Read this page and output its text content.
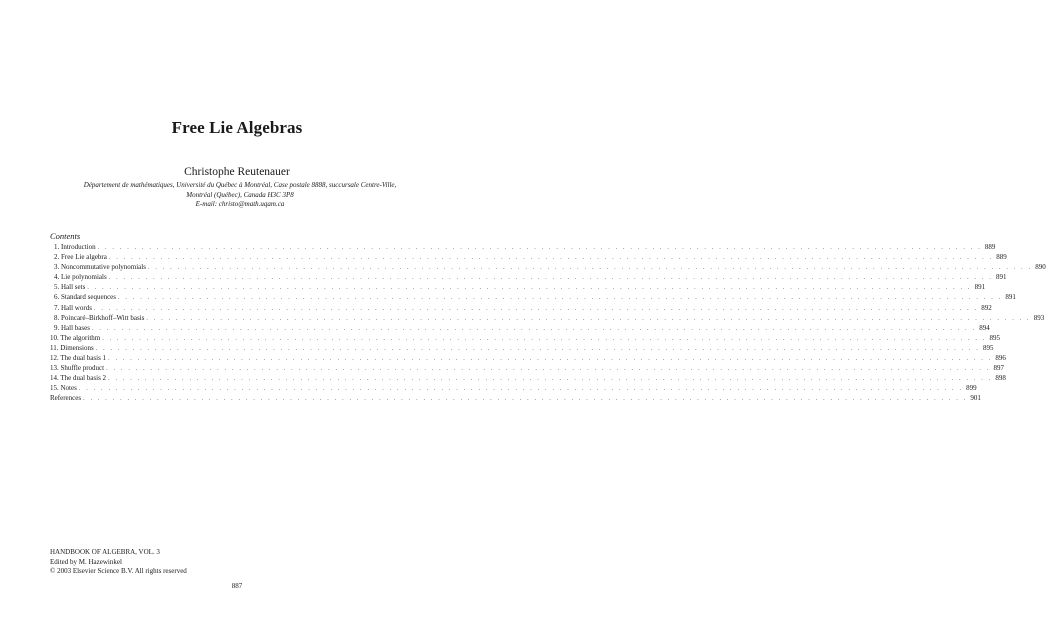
Free Lie Algebras
Christophe Reutenauer
Département de mathématiques, Université du Québec à Montréal, Case postale 8888, succursale Centre-Ville,
Montréal (Québec), Canada H3C 3P8
E-mail: christo@math.uqam.ca
Contents
1. Introduction . . . . . . . . . . . . . . . . . . . . . . . . . . . . . . . . . . . . . . . . . . . . . . . . . . . . . . . . . . . . . . . . . . . . . . . . . . . . . . . . . . . . . . . . . . . . . . . . . . . . . . . . . . . . . . . . . . . . . . . . 889
2. Free Lie algebra . . . . . . . . . . . . . . . . . . . . . . . . . . . . . . . . . . . . . . . . . . . . . . . . . . . . . . . . . . . . . . . . . . . . . . . . . . . . . . . . . . . . . . . . . . . . . . . . . . . . . . . . . . . . . . . . . . . . . . . . 889
3. Noncommutative polynomials . . . . . . . . . . . . . . . . . . . . . . . . . . . . . . . . . . . . . . . . . . . . . . . . . . . . . . . . . . . . . . . . . . . . . . . . . . . . . . . . . . . . . . . . . . . . . . . . . . . . . . . . . . . . . . . . . . . . . . . . 890
4. Lie polynomials . . . . . . . . . . . . . . . . . . . . . . . . . . . . . . . . . . . . . . . . . . . . . . . . . . . . . . . . . . . . . . . . . . . . . . . . . . . . . . . . . . . . . . . . . . . . . . . . . . . . . . . . . . . . . . . . . . . . . . . . 891
5. Hall sets . . . . . . . . . . . . . . . . . . . . . . . . . . . . . . . . . . . . . . . . . . . . . . . . . . . . . . . . . . . . . . . . . . . . . . . . . . . . . . . . . . . . . . . . . . . . . . . . . . . . . . . . . . . . . . . . . . . . . . . . 891
6. Standard sequences . . . . . . . . . . . . . . . . . . . . . . . . . . . . . . . . . . . . . . . . . . . . . . . . . . . . . . . . . . . . . . . . . . . . . . . . . . . . . . . . . . . . . . . . . . . . . . . . . . . . . . . . . . . . . . . . . . . . . . . . 891
7. Hall words . . . . . . . . . . . . . . . . . . . . . . . . . . . . . . . . . . . . . . . . . . . . . . . . . . . . . . . . . . . . . . . . . . . . . . . . . . . . . . . . . . . . . . . . . . . . . . . . . . . . . . . . . . . . . . . . . . . . . . . . 892
8. Poincaré–Birkhoff–Witt basis . . . . . . . . . . . . . . . . . . . . . . . . . . . . . . . . . . . . . . . . . . . . . . . . . . . . . . . . . . . . . . . . . . . . . . . . . . . . . . . . . . . . . . . . . . . . . . . . . . . . . . . . . . . . . . . . . . . . . . . . 893
9. Hall bases . . . . . . . . . . . . . . . . . . . . . . . . . . . . . . . . . . . . . . . . . . . . . . . . . . . . . . . . . . . . . . . . . . . . . . . . . . . . . . . . . . . . . . . . . . . . . . . . . . . . . . . . . . . . . . . . . . . . . . . . 894
10. The algorithm . . . . . . . . . . . . . . . . . . . . . . . . . . . . . . . . . . . . . . . . . . . . . . . . . . . . . . . . . . . . . . . . . . . . . . . . . . . . . . . . . . . . . . . . . . . . . . . . . . . . . . . . . . . . . . . . . . . . . . . . 895
11. Dimensions . . . . . . . . . . . . . . . . . . . . . . . . . . . . . . . . . . . . . . . . . . . . . . . . . . . . . . . . . . . . . . . . . . . . . . . . . . . . . . . . . . . . . . . . . . . . . . . . . . . . . . . . . . . . . . . . . . . . . . . . 895
12. The dual basis 1 . . . . . . . . . . . . . . . . . . . . . . . . . . . . . . . . . . . . . . . . . . . . . . . . . . . . . . . . . . . . . . . . . . . . . . . . . . . . . . . . . . . . . . . . . . . . . . . . . . . . . . . . . . . . . . . . . . . . . . . . 896
13. Shuffle product . . . . . . . . . . . . . . . . . . . . . . . . . . . . . . . . . . . . . . . . . . . . . . . . . . . . . . . . . . . . . . . . . . . . . . . . . . . . . . . . . . . . . . . . . . . . . . . . . . . . . . . . . . . . . . . . . . . . . . . . 897
14. The dual basis 2 . . . . . . . . . . . . . . . . . . . . . . . . . . . . . . . . . . . . . . . . . . . . . . . . . . . . . . . . . . . . . . . . . . . . . . . . . . . . . . . . . . . . . . . . . . . . . . . . . . . . . . . . . . . . . . . . . . . . . . . . 898
15. Notes . . . . . . . . . . . . . . . . . . . . . . . . . . . . . . . . . . . . . . . . . . . . . . . . . . . . . . . . . . . . . . . . . . . . . . . . . . . . . . . . . . . . . . . . . . . . . . . . . . . . . . . . . . . . . . . . . . . . . . . . 899
References . . . . . . . . . . . . . . . . . . . . . . . . . . . . . . . . . . . . . . . . . . . . . . . . . . . . . . . . . . . . . . . . . . . . . . . . . . . . . . . . . . . . . . . . . . . . . . . . . . . . . . . . . . . . . . . . . . . . . . . . 901
HANDBOOK OF ALGEBRA, VOL. 3
Edited by M. Hazewinkel
© 2003 Elsevier Science B.V. All rights reserved
887
